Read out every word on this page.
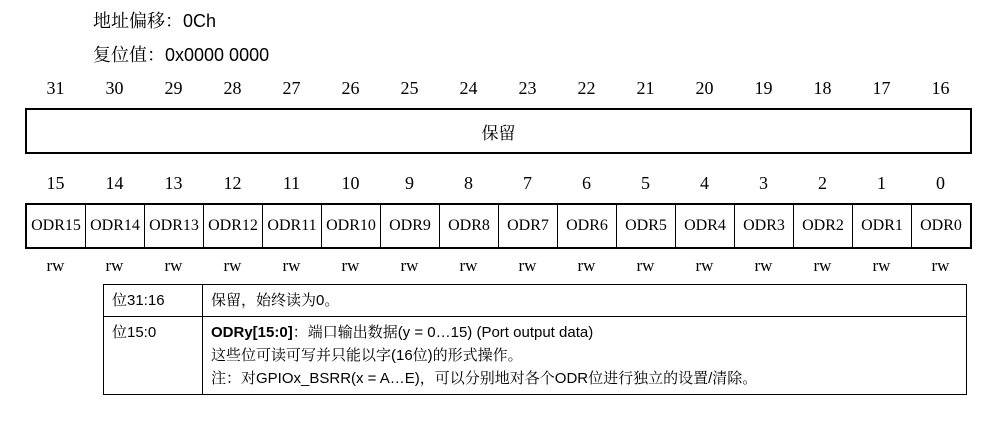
地址偏移：0Ch
复位值：0x0000 0000
31	30	29	28	27	26	25	24	23	22	21	20	19	18	17	16
保留
15	14	13	12	11	10	9	8	7	6	5	4	3	2	1	0
ODR15 ODR14 ODR13 ODR12 ODR11 ODR10 ODR9	ODR8	ODR7	ODR6	ODR5	ODR4	ODR3	ODR2	ODR1	ODR0
rw	rw	rw	rw	rw	rw	rw	rw	rw	rw	rw	rw	rw	rw	rw	rw
位31:16	保留，始终读为0。
位15:0	ODRy[15:0]：端口输出数据(y = 0…15) (Port output data)
这些位可读可写并只能以字(16位)的形式操作。
注：对GPIOx_BSRR(x = A…E)，可以分别地对各个ODR位进行独立的设置/清除。
